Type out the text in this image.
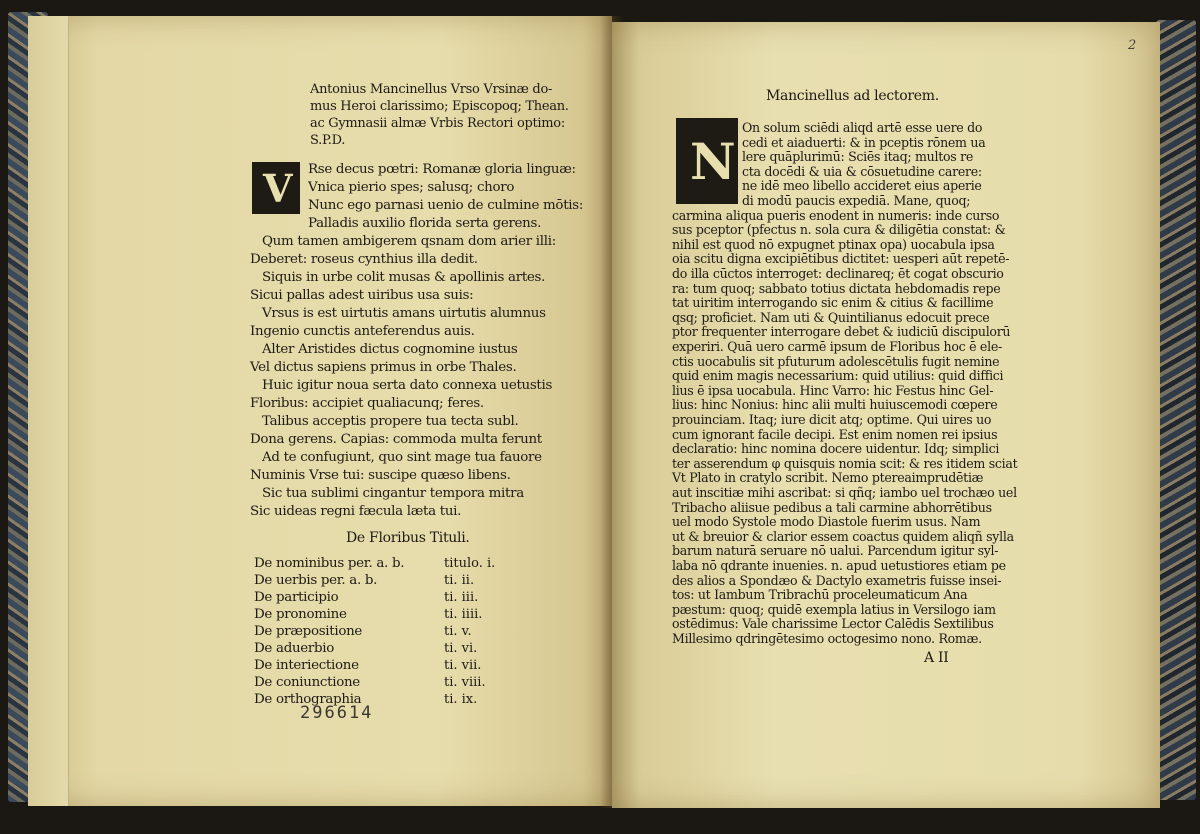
Antonius Mancinellus Vrso Vrsinæ do-
mus Heroi clarissimo; Episcopoq; Thean.
ac Gymnasii almæ Vrbis Rectori optimo:
S.P.D.
V Rse decus pœtri: Romanæ gloria linguæ:
Vnica pierio spes; salusq; choro
Nunc ego parnasi uenio de culmine mōtis:
Palladis auxilio florida serta gerens.
Qum tamen ambigerem qsnam dom arier illi:
Deberet: roseus cynthius illa dedit.
Siquis in urbe colit musas & apollinis artes.
Sicui pallas adest uiribus usa suis:
Vrsus is est uirtutis amans uirtutis alumnus
Ingenio cunctis anteferendus auis.
Alter Aristides dictus cognomine iustus
Vel dictus sapiens primus in orbe Thales.
Huic igitur noua serta dato connexa uetustis
Floribus: accipiet qualiacunq; feres.
Talibus acceptis propere tua tecta subl.
Dona gerens. Capias: commoda multa ferunt
Ad te confugiunt, quo sint mage tua fauore
Numinis Vrse tui: suscipe quæso libens.
Sic tua sublimi cingantur tempora mitra
Sic uideas regni fæcula læta tui.
De Floribus Tituli.
De nominibus per. a. b.	titulo. i.
De uerbis per. a. b.	ti. ii.
De participio	ti. iii.
De pronomine	ti. iiii.
De præpositione	ti. v.
De aduerbio	ti. vi.
De interiectione	ti. vii.
De coniunctione	ti. viii.
De orthographia	ti. ix.
296614
2
Mancinellus ad lectorem.
N
On solum sciēdi aliqd artē esse uere do
cedi et aiaduerti: & in pceptis rōnem ua
lere quāplurimū: Sciēs itaq; multos re
cta docēdi & uia & cōsuetudine carere:
ne idē meo libello accideret eius aperie
di modū paucis expediā. Mane, quoq;
carmina aliqua pueris enodent in numeris: inde curso
sus pceptor (pfectus n. sola cura & diligētia constat: &
nihil est quod nō expugnet ptinax opa) uocabula ipsa
oia scitu digna excipiētibus dictitet: uesperi aūt repetē-
do illa cūctos interroget: declinareq; ēt cogat obscurio
ra: tum quoq; sabbato totius dictata hebdomadis repe
tat uiritim interrogando sic enim & citius & facillime
qsq; proficiet. Nam uti & Quintilianus edocuit prece
ptor frequenter interrogare debet & iudiciū discipulorū
experiri. Quā uero carmē ipsum de Floribus hoc ē ele-
ctis uocabulis sit pfuturum adolescētulis fugit nemine
quid enim magis necessarium: quid utilius: quid diffici
lius ē ipsa uocabula. Hinc Varro: hic Festus hinc Gel-
lius: hinc Nonius: hinc alii multi huiuscemodi cœpere
prouinciam. Itaq; iure dicit atq; optime. Qui uires uo
cum ignorant facile decipi. Est enim nomen rei ipsius
declaratio: hinc nomina docere uidentur. Idq; simplici
ter asserendum φ quisquis nomia scit: & res itidem sciat
Vt Plato in cratylo scribit. Nemo ptereaimprudētiæ
aut inscitiæ mihi ascribat: si qñq; iambo uel trochæo uel
Tribacho aliisue pedibus a tali carmine abhorrētibus
uel modo Systole modo Diastole fuerim usus. Nam
ut & breuior & clarior essem coactus quidem aliqñ sylla
barum naturā seruare nō ualui. Parcendum igitur syl-
laba nō qdrante inuenies. n. apud uetustiores etiam pe
des alios a Spondæo & Dactylo exametris fuisse insei-
tos: ut Iambum Tribrachū proceleumaticum Ana
pæstum: quoq; quidē exempla latius in Versilogo iam
ostēdimus: Vale charissime Lector Calēdis Sextilibus
Millesimo qdringētesimo octogesimo nono. Romæ.
A II
